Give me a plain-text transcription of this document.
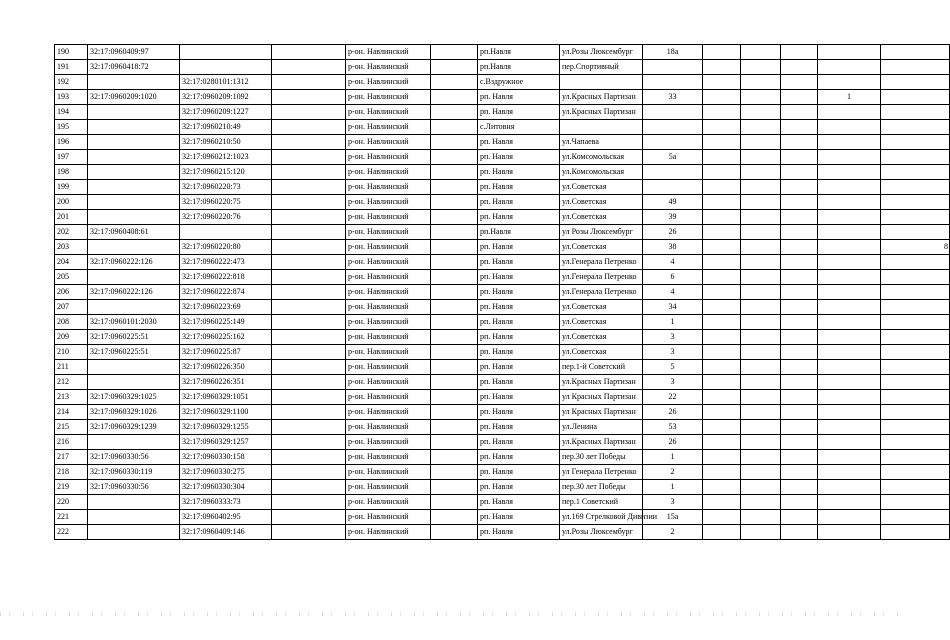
190	32:17:0960409:97			р-он. Навлинский		рп.Навля	ул.Розы Люксембург	18а					
191	32:17:0960418:72			р-он. Навлинский		рп.Навля	пер.Спортивный						
192		32:17:0280101:1312		р-он. Навлинский		с.Вздружное							
193	32:17:0960209:1020	32:17:0960209:1092		р-он. Навлинский		рп. Навля	ул.Красных Партизан	33				1	
194		32:17:0960209:1227		р-он. Навлинский		рп. Навля	ул.Красных Партизан						
195		32:17:0960210:49		р-он. Навлинский		с.Литовня							
196		32:17:0960210:50		р-он. Навлинский		рп. Навля	ул.Чапаева						
197		32:17:0960212:1023		р-он. Навлинский		рп. Навля	ул.Комсомольская	5а					
198		32:17:0960215:120		р-он. Навлинский		рп. Навля	ул.Комсомольская						
199		32:17:0960220:73		р-он. Навлинский		рп. Навля	ул.Советская						
200		32:17:0960220:75		р-он. Навлинский		рп. Навля	ул.Советская	49					
201		32:17:0960220:76		р-он. Навлинский		рп. Навля	ул.Советская	39					
202	32:17:0960408:61			р-он. Навлинский		рп.Навля	ул Розы Люксембург	26					
203		32:17:0960220:80		р-он. Навлинский		рп. Навля	ул.Советская	38					8
204	32:17:0960222:126	32:17:0960222:473		р-он. Навлинский		рп. Навля	ул.Генерала Петренко	4					
205		32:17:0960222:818		р-он. Навлинский		рп. Навля	ул.Генерала Петренко	6					
206	32:17:0960222:126	32:17:0960222:874		р-он. Навлинский		рп. Навля	ул.Генерала Петренко	4					
207		32:17:0960223:69		р-он. Навлинский		рп. Навля	ул.Советская	34					
208	32:17:0960101:2030	32:17:0960225:149		р-он. Навлинский		рп. Навля	ул.Советская	1					
209	32:17:0960225:51	32:17:0960225:162		р-он. Навлинский		рп. Навля	ул.Советская	3					
210	32:17:0960225:51	32:17:0960225:87		р-он. Навлинский		рп. Навля	ул.Советская	3					
211		32:17:0960226:350		р-он. Навлинский		рп. Навля	пер.1-й Советский	5					
212		32:17:0960226:351		р-он. Навлинский		рп. Навля	ул.Красных Партизан	3					
213	32:17:0960329:1025	32:17:0960329:1051		р-он. Навлинский		рп. Навля	ул Красных Партизан	22					
214	32:17:0960329:1026	32:17:0960329:1100		р-он. Навлинский		рп. Навля	ул Красных Партизан	26					
215	32:17:0960329:1239	32:17:0960329:1255		р-он. Навлинский		рп. Навля	ул.Ленина	53					
216		32:17:0960329:1257		р-он. Навлинский		рп. Навля	ул.Красных Партизан	26					
217	32:17:0960330:56	32:17:0960330:158		р-он. Навлинский		рп. Навля	пер.30 лет Победы	1					
218	32:17:0960330:119	32:17:0960330:275		р-он. Навлинский		рп. Навля	ул Генерала Петренко	2					
219	32:17:0960330:56	32:17:0960330:304		р-он. Навлинский		рп. Навля	пер.30 лет Победы	1					
220		32:17:0960333:73		р-он. Навлинский		рп. Навля	пер.1 Советский	3					
221		32:17:0960402:95		р-он. Навлинский		рп. Навля	ул.169 Стрелковой Дивизии	15а					
222		32:17:0960409:146		р-он. Навлинский		рп. Навля	ул.Розы Люксембург	2					
